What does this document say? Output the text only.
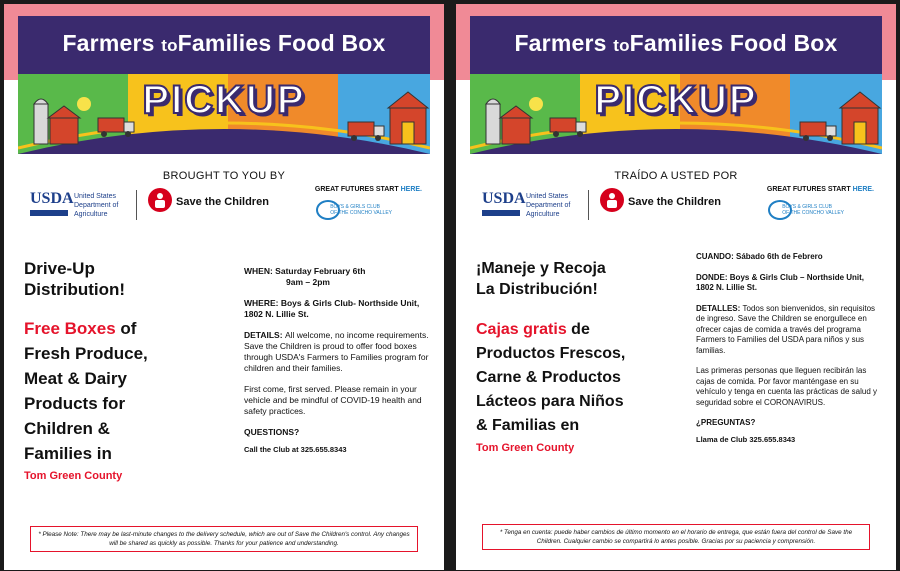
Farmers toFamilies Food Box
PICKUP
BROUGHT TO YOU BY
USDA United States
Department of
Agriculture
Save the Children
GREAT FUTURES START HERE.
BOYS & GIRLS CLUB
OF THE CONCHO VALLEY
Drive-Up
Distribution!
Free Boxes of
Fresh Produce,
Meat & Dairy
Products for
Children &
Families in
Tom Green County

WHEN: Saturday February 6th
9am – 2pm

WHERE: Boys & Girls Club- Northside Unit, 1802 N. Lillie St.

DETAILS: All welcome, no income requirements. Save the Children is proud to offer food boxes through USDA's Farmers to Families program for children and their families.

First come, first served. Please remain in your vehicle and be mindful of COVID-19 health and safety practices.

QUESTIONS?

Call the Club at 325.655.8343

* Please Note: There may be last-minute changes to the delivery schedule, which are out of Save the Children's control. Any changes will be shared as quickly as possible. Thanks for your patience and understanding.
Farmers toFamilies Food Box
PICKUP
TRAÍDO A USTED POR
USDA United States
Department of
Agriculture
Save the Children
GREAT FUTURES START HERE.
BOYS & GIRLS CLUB
OF THE CONCHO VALLEY
¡Maneje y Recoja
La Distribución!
Cajas gratis de
Productos Frescos,
Carne & Productos
Lácteos para Niños
& Familias en
Tom Green County

CUANDO: Sábado 6th de Febrero

DONDE: Boys & Girls Club – Northside Unit, 1802 N. Lillie St.

DETALLES: Todos son bienvenidos, sin requisitos de ingreso. Save the Children se enorgullece en ofrecer cajas de comida a través del programa Farmers to Families del USDA para niños y sus familias.

Las primeras personas que lleguen recibirán las cajas de comida. Por favor manténgase en su vehículo y tenga en cuenta las prácticas de salud y seguridad sobre el CORONAVIRUS.

¿PREGUNTAS?

Llama de Club 325.655.8343

* Tenga en cuenta: puede haber cambios de último momento en el horario de entrega, que están fuera del control de Save the Children. Cualquier cambio se compartirá lo antes posible. Gracias por su paciencia y comprensión.
